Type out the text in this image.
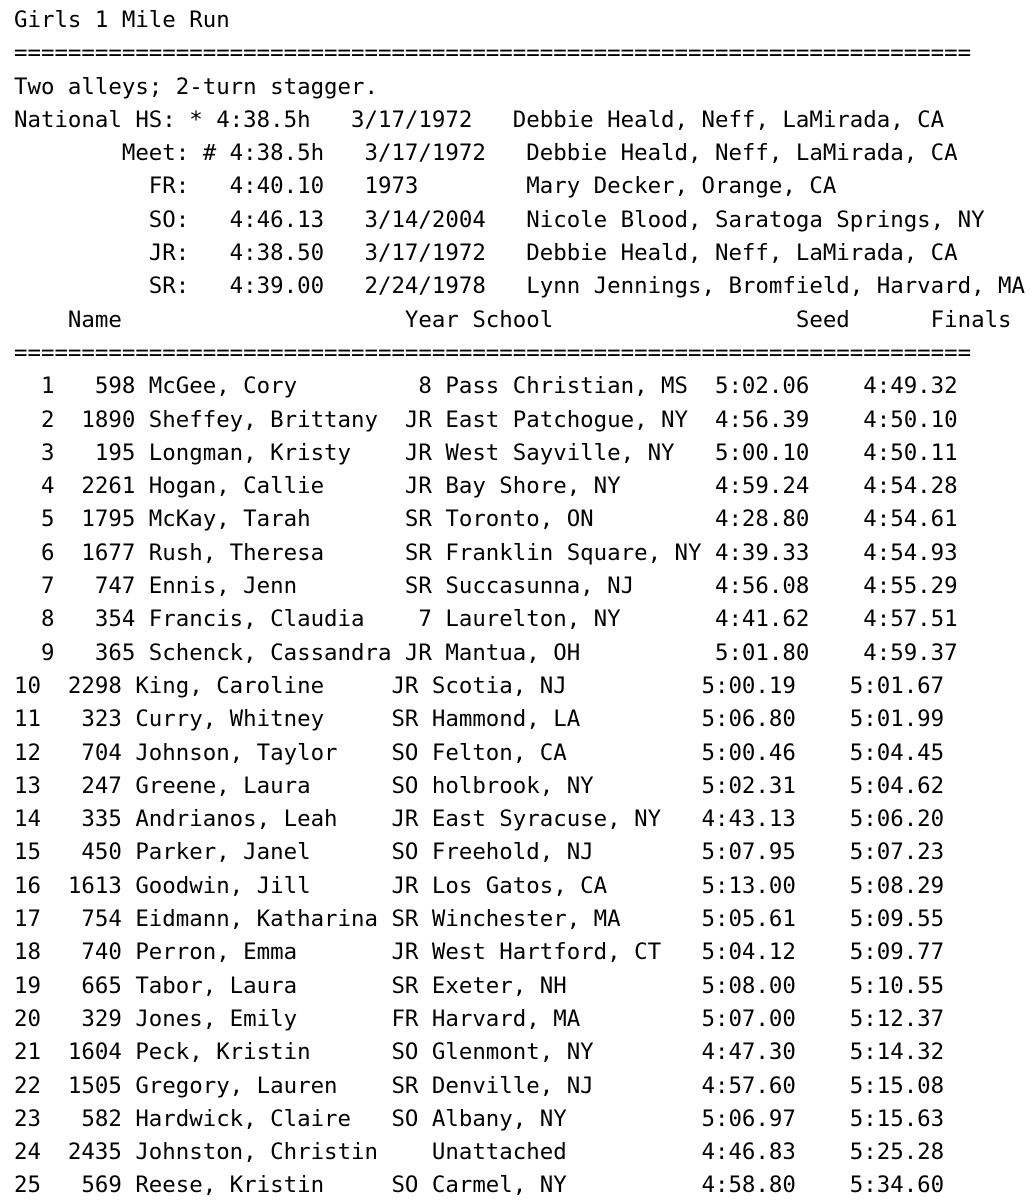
Girls 1 Mile Run
=======================================================================
Two alleys; 2-turn stagger.
National HS: * 4:38.5h   3/17/1972   Debbie Heald, Neff, LaMirada, CA
Meet: # 4:38.5h   3/17/1972   Debbie Heald, Neff, LaMirada, CA
FR:   4:40.10   1973        Mary Decker, Orange, CA
SO:   4:46.13   3/14/2004   Nicole Blood, Saratoga Springs, NY
JR:   4:38.50   3/17/1972   Debbie Heald, Neff, LaMirada, CA
SR:   4:39.00   2/24/1978   Lynn Jennings, Bromfield, Harvard, MA
Name                     Year School                  Seed      Finals
=======================================================================
1   598 McGee, Cory         8 Pass Christian, MS  5:02.06    4:49.32
2  1890 Sheffey, Brittany  JR East Patchogue, NY  4:56.39    4:50.10
3   195 Longman, Kristy    JR West Sayville, NY   5:00.10    4:50.11
4  2261 Hogan, Callie      JR Bay Shore, NY       4:59.24    4:54.28
5  1795 McKay, Tarah       SR Toronto, ON         4:28.80    4:54.61
6  1677 Rush, Theresa      SR Franklin Square, NY 4:39.33    4:54.93
7   747 Ennis, Jenn        SR Succasunna, NJ      4:56.08    4:55.29
8   354 Francis, Claudia    7 Laurelton, NY       4:41.62    4:57.51
9   365 Schenck, Cassandra JR Mantua, OH          5:01.80    4:59.37
10  2298 King, Caroline     JR Scotia, NJ          5:00.19    5:01.67
11   323 Curry, Whitney     SR Hammond, LA         5:06.80    5:01.99
12   704 Johnson, Taylor    SO Felton, CA          5:00.46    5:04.45
13   247 Greene, Laura      SO holbrook, NY        5:02.31    5:04.62
14   335 Andrianos, Leah    JR East Syracuse, NY   4:43.13    5:06.20
15   450 Parker, Janel      SO Freehold, NJ        5:07.95    5:07.23
16  1613 Goodwin, Jill      JR Los Gatos, CA       5:13.00    5:08.29
17   754 Eidmann, Katharina SR Winchester, MA      5:05.61    5:09.55
18   740 Perron, Emma       JR West Hartford, CT   5:04.12    5:09.77
19   665 Tabor, Laura       SR Exeter, NH          5:08.00    5:10.55
20   329 Jones, Emily       FR Harvard, MA         5:07.00    5:12.37
21  1604 Peck, Kristin      SO Glenmont, NY        4:47.30    5:14.32
22  1505 Gregory, Lauren    SR Denville, NJ        4:57.60    5:15.08
23   582 Hardwick, Claire   SO Albany, NY          5:06.97    5:15.63
24  2435 Johnston, Christin    Unattached          4:46.83    5:25.28
25   569 Reese, Kristin     SO Carmel, NY          4:58.80    5:34.60
